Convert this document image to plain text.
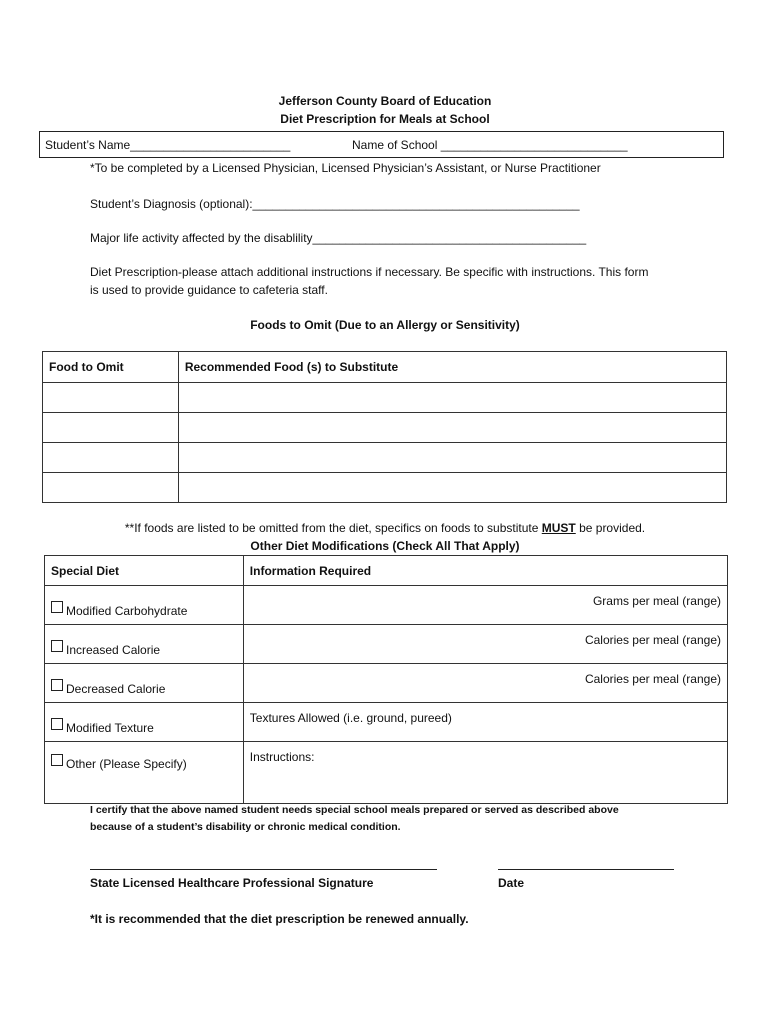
Jefferson County Board of Education
Diet Prescription for Meals at School
Student’s Name________________________	Name of School ____________________________
*To be completed by a Licensed Physician, Licensed Physician’s Assistant, or Nurse Practitioner
Student’s Diagnosis (optional):_________________________________________________
Major life activity affected by the disablility_________________________________________
Diet Prescription-please attach additional instructions if necessary. Be specific with instructions. This form
is used to provide guidance to cafeteria staff.
Foods to Omit (Due to an Allergy or Sensitivity)
Food to Omit	Recommended Food (s) to Substitute

**If foods are listed to be omitted from the diet, specifics on foods to substitute MUST be provided.
Other Diet Modifications (Check All That Apply)
Special Diet	Information Required
Modified Carbohydrate	Grams per meal (range)
Increased Calorie	Calories per meal (range)
Decreased Calorie	Calories per meal (range)
Modified Texture	Textures Allowed (i.e. ground, pureed)
Other (Please Specify)	Instructions:
I certify that the above named student needs special school meals prepared or served as described above
because of a student’s disability or chronic medical condition.
State Licensed Healthcare Professional Signature	Date
*It is recommended that the diet prescription be renewed annually.
